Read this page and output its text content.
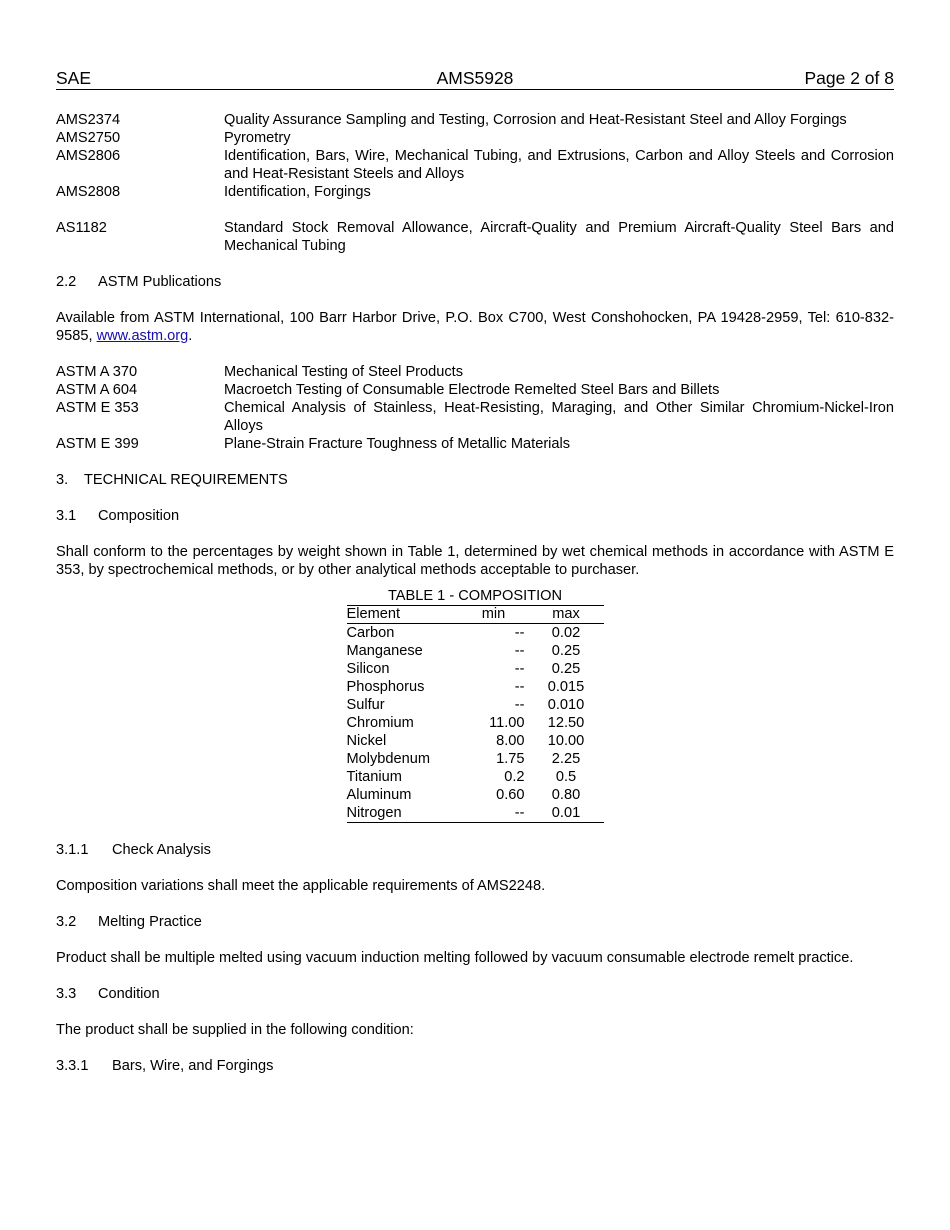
SAE	AMS5928	Page 2 of 8
AMS2374	Quality Assurance Sampling and Testing, Corrosion and Heat-Resistant Steel and Alloy Forgings
AMS2750	Pyrometry
AMS2806	Identification, Bars, Wire, Mechanical Tubing, and Extrusions, Carbon and Alloy Steels and Corrosion and Heat-Resistant Steels and Alloys
AMS2808	Identification, Forgings
AS1182	Standard Stock Removal Allowance, Aircraft-Quality and Premium Aircraft-Quality Steel Bars and Mechanical Tubing
2.2 ASTM Publications
Available from ASTM International, 100 Barr Harbor Drive, P.O. Box C700, West Conshohocken, PA 19428-2959, Tel: 610-832-9585, www.astm.org.
ASTM A 370	Mechanical Testing of Steel Products
ASTM A 604	Macroetch Testing of Consumable Electrode Remelted Steel Bars and Billets
ASTM E 353	Chemical Analysis of Stainless, Heat-Resisting, Maraging, and Other Similar Chromium-Nickel-Iron Alloys
ASTM E 399	Plane-Strain Fracture Toughness of Metallic Materials
3. TECHNICAL REQUIREMENTS
3.1 Composition
Shall conform to the percentages by weight shown in Table 1, determined by wet chemical methods in accordance with ASTM E 353, by spectrochemical methods, or by other analytical methods acceptable to purchaser.
TABLE 1 - COMPOSITION
Element	min	max
Carbon	--	0.02
Manganese	--	0.25
Silicon	--	0.25
Phosphorus	--	0.015
Sulfur	--	0.010
Chromium	11.00	12.50
Nickel	8.00	10.00
Molybdenum	1.75	2.25
Titanium	0.2	0.5
Aluminum	0.60	0.80
Nitrogen	--	0.01
3.1.1 Check Analysis
Composition variations shall meet the applicable requirements of AMS2248.
3.2 Melting Practice
Product shall be multiple melted using vacuum induction melting followed by vacuum consumable electrode remelt practice.
3.3 Condition
The product shall be supplied in the following condition:
3.3.1 Bars, Wire, and Forgings
